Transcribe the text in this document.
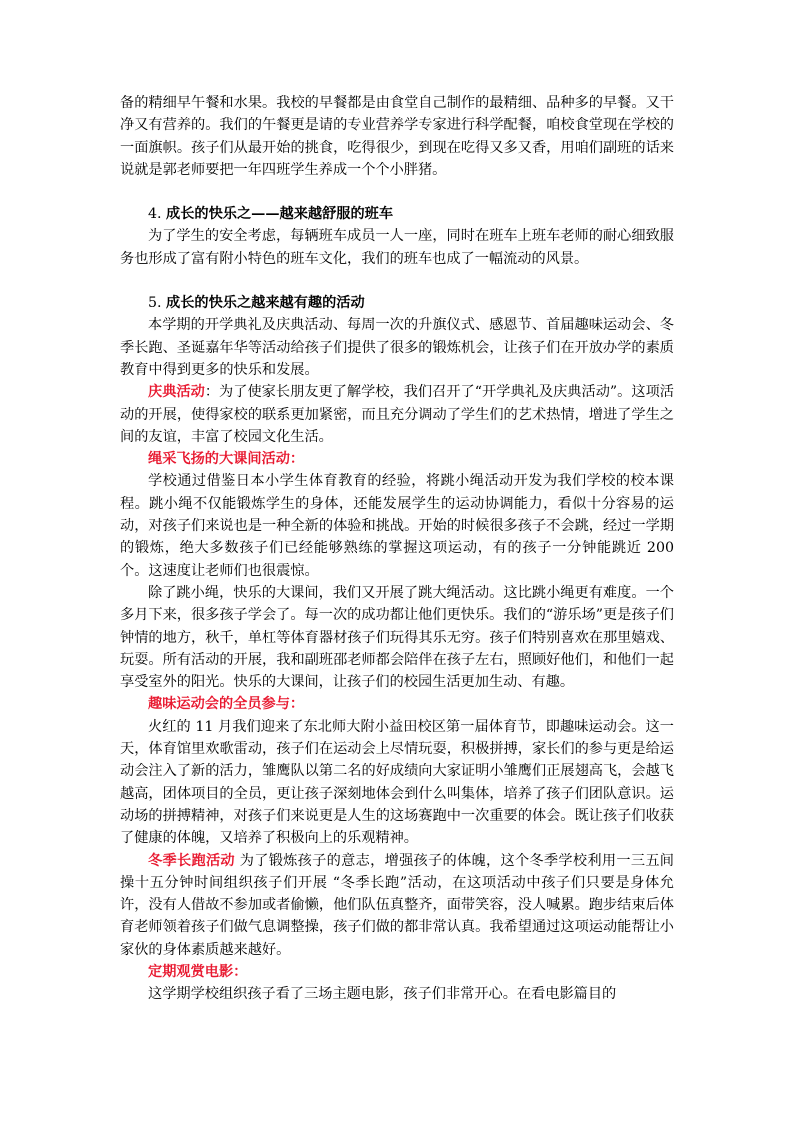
备的精细早午餐和水果。我校的早餐都是由食堂自己制作的最精细、品种多的早餐。又干净又有营养的。我们的午餐更是请的专业营养学专家进行科学配餐，咱校食堂现在学校的一面旗帜。孩子们从最开始的挑食，吃得很少，到现在吃得又多又香，用咱们副班的话来说就是郭老师要把一年四班学生养成一个个小胖猪。

4. 成长的快乐之——越来越舒服的班车

为了学生的安全考虑，每辆班车成员一人一座，同时在班车上班车老师的耐心细致服务也形成了富有附小特色的班车文化，我们的班车也成了一幅流动的风景。

5. 成长的快乐之越来越有趣的活动

本学期的开学典礼及庆典活动、每周一次的升旗仪式、感恩节、首届趣味运动会、冬季长跑、圣诞嘉年华等活动给孩子们提供了很多的锻炼机会，让孩子们在开放办学的素质教育中得到更多的快乐和发展。

庆典活动：为了使家长朋友更了解学校，我们召开了“开学典礼及庆典活动”。这项活动的开展，使得家校的联系更加紧密，而且充分调动了学生们的艺术热情，增进了学生之间的友谊，丰富了校园文化生活。

绳采飞扬的大课间活动：

学校通过借鉴日本小学生体育教育的经验，将跳小绳活动开发为我们学校的校本课程。跳小绳不仅能锻炼学生的身体，还能发展学生的运动协调能力，看似十分容易的运动，对孩子们来说也是一种全新的体验和挑战。开始的时候很多孩子不会跳，经过一学期的锻炼，绝大多数孩子们已经能够熟练的掌握这项运动，有的孩子一分钟能跳近 200 个。这速度让老师们也很震惊。

除了跳小绳，快乐的大课间，我们又开展了跳大绳活动。这比跳小绳更有难度。一个多月下来，很多孩子学会了。每一次的成功都让他们更快乐。我们的“游乐场”更是孩子们钟情的地方，秋千，单杠等体育器材孩子们玩得其乐无穷。孩子们特别喜欢在那里嬉戏、玩耍。所有活动的开展，我和副班邵老师都会陪伴在孩子左右，照顾好他们，和他们一起享受室外的阳光。快乐的大课间，让孩子们的校园生活更加生动、有趣。

趣味运动会的全员参与：

火红的 11 月我们迎来了东北师大附小益田校区第一届体育节，即趣味运动会。这一天，体育馆里欢歌雷动，孩子们在运动会上尽情玩耍，积极拼搏，家长们的参与更是给运动会注入了新的活力，雏鹰队以第二名的好成绩向大家证明小雏鹰们正展翅高飞，会越飞越高，团体项目的全员，更让孩子深刻地体会到什么叫集体，培养了孩子们团队意识。运动场的拼搏精神，对孩子们来说更是人生的这场赛跑中一次重要的体会。既让孩子们收获了健康的体魄，又培养了积极向上的乐观精神。

冬季长跑活动 为了锻炼孩子的意志，增强孩子的体魄，这个冬季学校利用一三五间操十五分钟时间组织孩子们开展 “冬季长跑”活动，在这项活动中孩子们只要是身体允许，没有人借故不参加或者偷懒，他们队伍真整齐，面带笑容，没人喊累。跑步结束后体育老师领着孩子们做气息调整操，孩子们做的都非常认真。我希望通过这项运动能帮让小家伙的身体素质越来越好。

定期观赏电影：

这学期学校组织孩子看了三场主题电影，孩子们非常开心。在看电影篇目的
